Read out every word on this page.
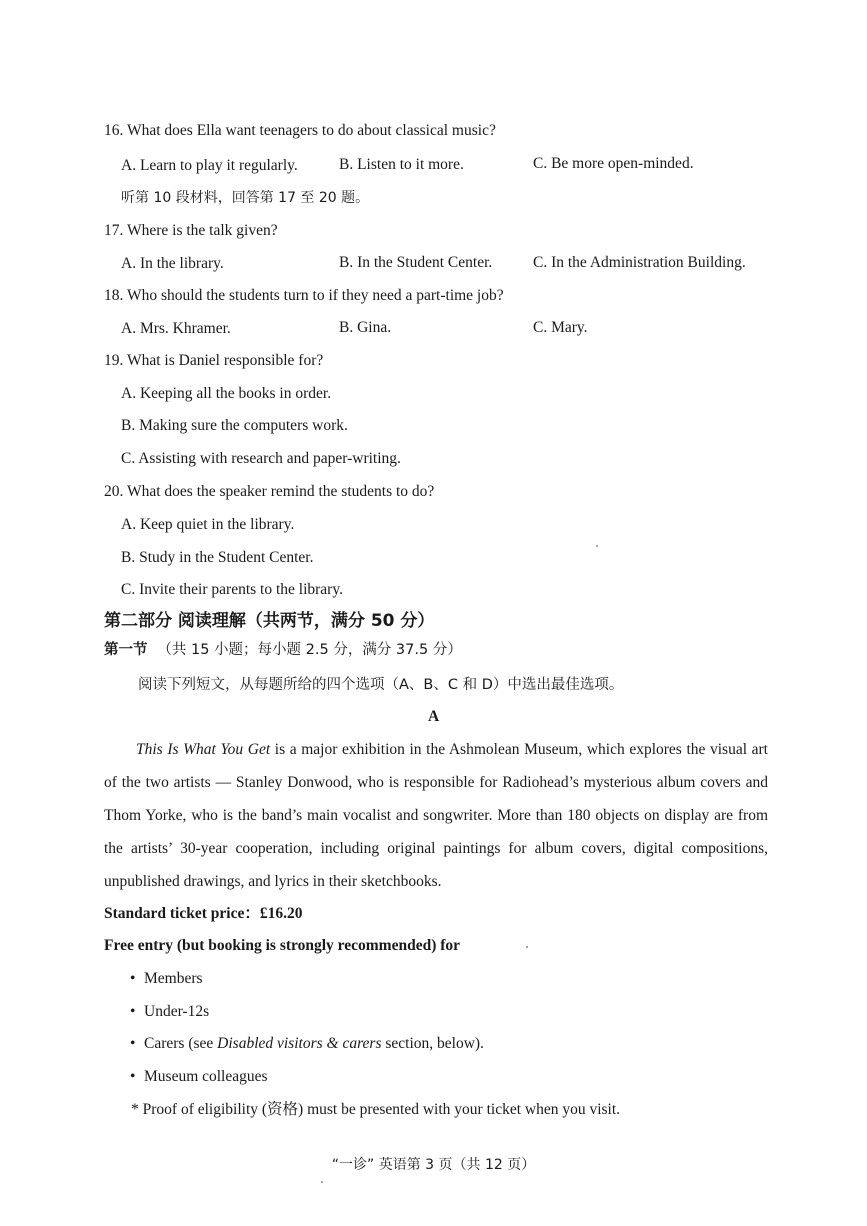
16. What does Ella want teenagers to do about classical music?
A. Learn to play it regularly.	B. Listen to it more.	C. Be more open-minded.
听第 10 段材料，回答第 17 至 20 题。
17. Where is the talk given?
A. In the library.	B. In the Student Center.	C. In the Administration Building.
18. Who should the students turn to if they need a part-time job?
A. Mrs. Khramer.	B. Gina.	C. Mary.
19. What is Daniel responsible for?
A. Keeping all the books in order.
B. Making sure the computers work.
C. Assisting with research and paper-writing.
20. What does the speaker remind the students to do?
A. Keep quiet in the library.
B. Study in the Student Center.
C. Invite their parents to the library.
第二部分 阅读理解（共两节，满分 50 分）
第一节 （共 15 小题；每小题 2.5 分，满分 37.5 分）
阅读下列短文，从每题所给的四个选项（A、B、C 和 D）中选出最佳选项。
A
This Is What You Get is a major exhibition in the Ashmolean Museum, which explores the visual art of the two artists — Stanley Donwood, who is responsible for Radiohead’s mysterious album covers and Thom Yorke, who is the band’s main vocalist and songwriter. More than 180 objects on display are from the artists’ 30-year cooperation, including original paintings for album covers, digital compositions, unpublished drawings, and lyrics in their sketchbooks.
Standard ticket price：£16.20
Free entry (but booking is strongly recommended) for
• Members
• Under-12s
• Carers (see Disabled visitors & carers section, below).
• Museum colleagues
* Proof of eligibility (资格) must be presented with your ticket when you visit.
“一诊” 英语第 3 页（共 12 页）
